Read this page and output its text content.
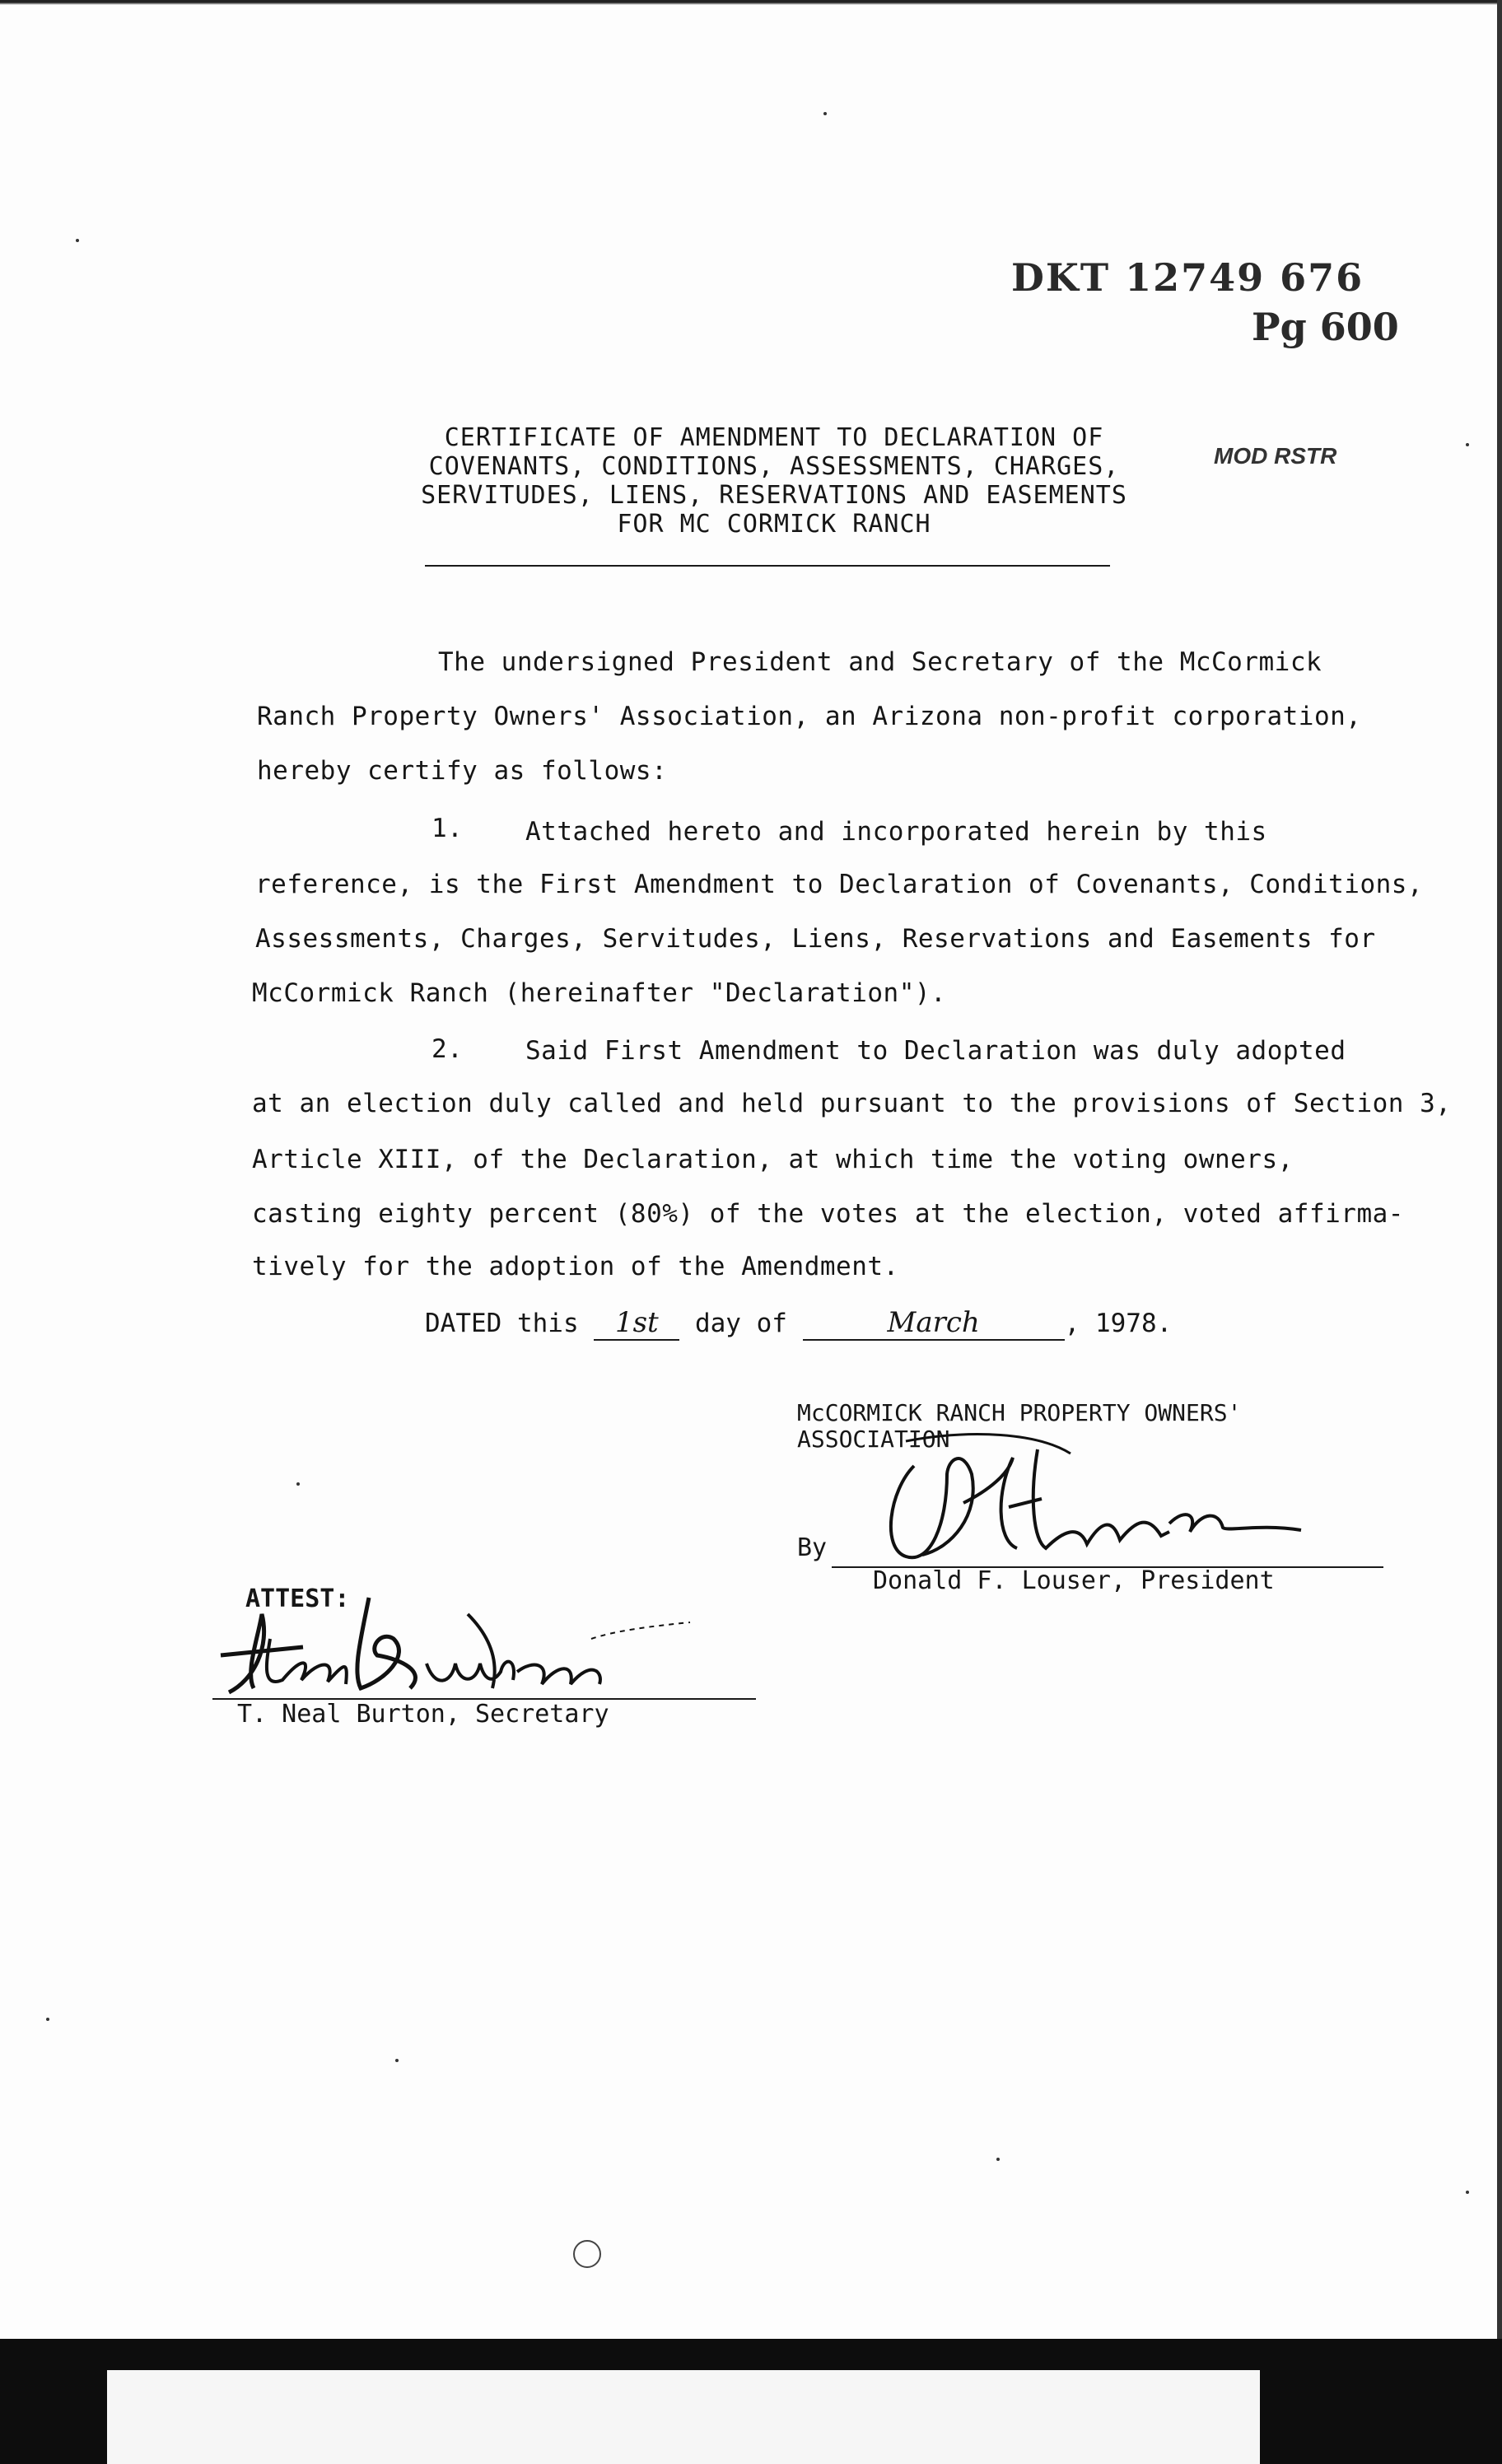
DKT 12749 676
Pg 600
MOD RSTR
CERTIFICATE OF AMENDMENT TO DECLARATION OF
COVENANTS, CONDITIONS, ASSESSMENTS, CHARGES,
SERVITUDES, LIENS, RESERVATIONS AND EASEMENTS
FOR MC CORMICK RANCH
The undersigned President and Secretary of the McCormick
Ranch Property Owners' Association, an Arizona non-profit corporation,
hereby certify as follows:
1. Attached hereto and incorporated herein by this
reference, is the First Amendment to Declaration of Covenants, Conditions,
Assessments, Charges, Servitudes, Liens, Reservations and Easements for
McCormick Ranch (hereinafter "Declaration").
2. Said First Amendment to Declaration was duly adopted
at an election duly called and held pursuant to the provisions of Section 3,
Article XIII, of the Declaration, at which time the voting owners,
casting eighty percent (80%) of the votes at the election, voted affirma-
tively for the adoption of the Amendment.
DATED this 1st day of	March	, 1978.
McCORMICK RANCH PROPERTY OWNERS'
ASSOCIATION
By
Donald F. Louser, President
ATTEST:
T. Neal Burton, Secretary
